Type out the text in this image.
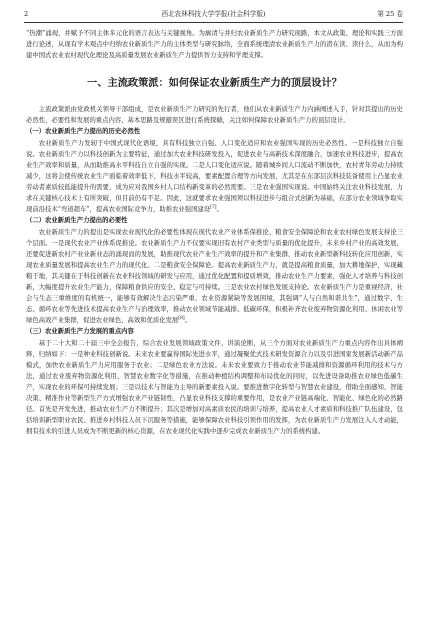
2	西北农林科技大学学报(社会科学版)	第 25 卷

“热潮”涌现，并赋予不同主体多元化的语言表达与关键视角。为廓清与并归农业新质生产力研究现路，本文从政策、理论和实践三方面进行论述，从现有学术观点中归纳农业新质生产力的主体类型与研究脉络，全面系统理清农业新质生产力的潜在读、读什么，从而为构建中国式农业农村现代化理论及高质量发展农业新质生产力提供智力支持和学理支撑。

一、主流政策派：如何保证农业新质生产力的顶层设计？

主流政策派由党政机关领导干部组成，是农业新质生产力研究的先行者，他们从农业新质生产力内涵阐述入手，针对其提出的历史必然性、必要性和发展的重点内容、基本思路及规避误区进行系统探赜，关注如何保障农业新质生产力的顶层设计。

（一）农业新质生产力提出的历史必然性

农业新质生产力发轫于中国式现代化语境，具有科技独立自强、人口变化适应和农业强国实现的历史必然性。一是科技独立自强说。农业新质生产力以科技创新为主要特征，通过加大农业科技研发投入，促进农业与高新技术深度融合，加速农业科技进步，提高农业生产效率和质量，从而助推高水平科技自立自强的实现。二是人口变化适应说。随着城乡间人口流动不断加快，农村青年劳动力持续减少，这将会使传统农业生产面临着效率低下，科技水平较高，要素配置合理等方向发展，尤其是在东部层次科技装备使用上凸显农业劳动者素质较低能提升的需要，成为应对我国乡村人口结构新变革的必然需要。三是农业强国实现说。中国始终关注农业科技发展，力求在关键核心技术上有所突破，但目前仍有不足。因此，这就要求农业强国须以科技进步与组合式创新为基础，在部分农业领域争取实现前沿技术“弯道超车”，提高农业国际竞争力，助推农业强国建设[7]。

（二）农业新质生产力提出的必要性

农业新质生产力的提出是实现农业现代化的必要性体现在现代农业产业体系保推论、粮食安全保障论和农业农村绿色发展支持论三个层面。一是现代农业产业体系促推论。农业新质生产力不仅要实现旧有农村产业类型与质量的优化提升，未来乡村产业的高效发展，还要促进新农村产业业新业态的涌现而的发展，助推现代农业产业生产效率的提升和产业集群，推动农业新型新科技转化应用创新，实现农业质量发展和提高农业生产力的现代化。二是粮食安全保障论。提高农业新质生产力，就是提高粮食质量，加大耕地保护，实现藏粮于地，其关键在于科技创新在农业科技领域的研发与应用，通过优化配置和提质增效，推动农业生产力要素，强化人才培养与科技创新，大幅度提升农业生产能力，保障粮食供应的安全、稳定与可持续。三是农业农村绿色发展支持论。农业新质生产力是重视经济、社会与生态三重维度的有机统一，能够有效解决生态污染严重、农业资源紧缺等发展困境，其强调“人与自然和谐共生”，通过数字、生态、循环农业等先进技术提高农业生产与治理效率，推动农业领域节能减排、低碳环保，积极补齐农业废弃物资源化利用、休闲农业等绿色高效产业集群，促进农业绿色、高效和优质化发展[8]。

（三）农业新质生产力发展的重点内容

基于二十大和二十届三中全会报告，综合农业发展领域政策文件、讲演论断，从三个方面对农业新质生产力重点内容作出具体阐释，归纳如下：一是种业科技创新说。未来农业要赢得国际先进水平，通过凝聚优式技术研发资源合力以及引进国家发展新活动新产品模式，加快农业新质生产力应用服务于农业；二是绿色农业方法说。未来农业要致力于推动农业节能减排和资源循环利用的技术与方法，通过农业废弃物资源化利用、智慧农业数字化等措施，在推动种植结构调整和布局优化的同时，以先进设备助推农业绿色低碳生产，实现农业的环保可持续发展；三是以技术与智能为主导的新要素投入说。要推进数字化转型与智慧农业建设，借助全面感知、智能决策、精准作业等新型生产方式增强农业产业链韧性，凸显农业科技支撑的重要作用，是农业产业链高端化、智能化、绿色化的必然路径。首先是开发先进，推动农业生产力不断提升；其次是增加对高素质农民的培训与培养，提高农业人才素质和科技推广队伍建设，包括培训新型职业农民、推进乡村科技人员下沉服务等措施，能够保障农业科技引领作用的发挥，为农业新质生产力发展注入人才动能，拥有技术的引进人员成为不断更新的核心资源，在农业现代化实践中逐步完成农业新质生产力的系统构建。
